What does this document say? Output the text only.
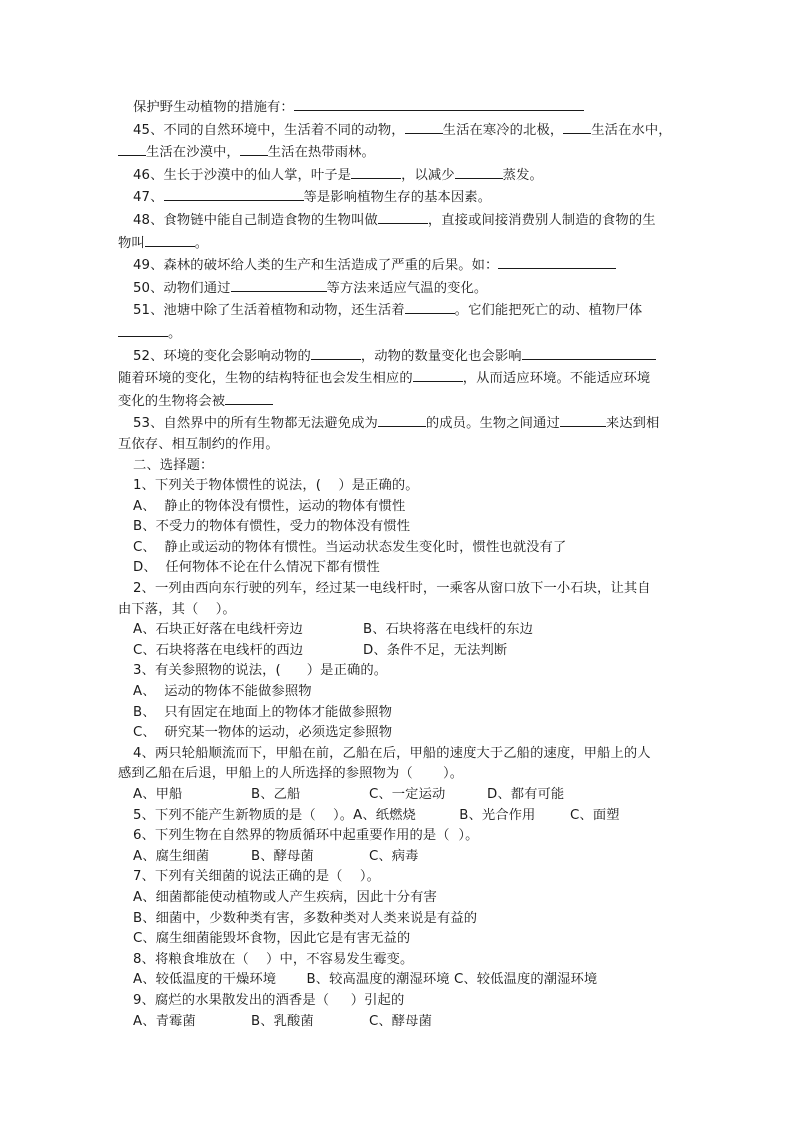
保护野生动植物的措施有：
45、不同的自然环境中，生活着不同的动物，	生活在寒冷的北极， 生活在水中，
生活在沙漠中， 生活在热带雨林。
46、生长于沙漠中的仙人掌，叶子是	，以减少	蒸发。
47、	等是影响植物生存的基本因素。
48、食物链中能自己制造食物的生物叫做	，直接或间接消费别人制造的食物的生
物叫	。
49、森林的破坏给人类的生产和生活造成了严重的后果。如：
50、动物们通过	等方法来适应气温的变化。
51、池塘中除了生活着植物和动物，还生活着	。它们能把死亡的动、植物尸体
。
52、环境的变化会影响动物的	，动物的数量变化也会影响
随着环境的变化，生物的结构特征也会发生相应的	，从而适应环境。不能适应环境
变化的生物将会被
53、自然界中的所有生物都无法避免成为	的成员。生物之间通过	来达到相
互依存、相互制约的作用。
二、选择题：
1、下列关于物体惯性的说法，(    ）是正确的。
A、  静止的物体没有惯性，运动的物体有惯性
B、不受力的物体有惯性，受力的物体没有惯性
C、  静止或运动的物体有惯性。当运动状态发生变化时，惯性也就没有了
D、  任何物体不论在什么情况下都有惯性
2、一列由西向东行驶的列车，经过某一电线杆时，一乘客从窗口放下一小石块，让其自
由下落，其（    ）。
A、石块正好落在电线杆旁边	B、石块将落在电线杆的东边
C、石块将落在电线杆的西边	D、条件不足，无法判断
3、有关参照物的说法，(      ）是正确的。
A、  运动的物体不能做参照物
B、  只有固定在地面上的物体才能做参照物
C、  研究某一物体的运动，必须选定参照物
4、两只轮船顺流而下，甲船在前，乙船在后，甲船的速度大于乙船的速度，甲船上的人
感到乙船在后退，甲船上的人所选择的参照物为（       ）。
A、甲船	B、乙船	C、一定运动	D、都有可能
5、下列不能产生新物质的是（    ）。A、纸燃烧          B、光合作用        C、面塑
6、下列生物在自然界的物质循环中起重要作用的是（  ）。
A、腐生细菌	B、酵母菌	C、病毒
7、下列有关细菌的说法正确的是（    ）。
A、细菌都能使动植物或人产生疾病，因此十分有害
B、细菌中，少数种类有害，多数种类对人类来说是有益的
C、腐生细菌能毁坏食物，因此它是有害无益的
8、将粮食堆放在（    ）中，不容易发生霉变。
A、较低温度的干燥环境       B、较高温度的潮湿环境 C、较低温度的潮湿环境
9、腐烂的水果散发出的酒香是（     ）引起的
A、青霉菌	B、乳酸菌	C、酵母菌
